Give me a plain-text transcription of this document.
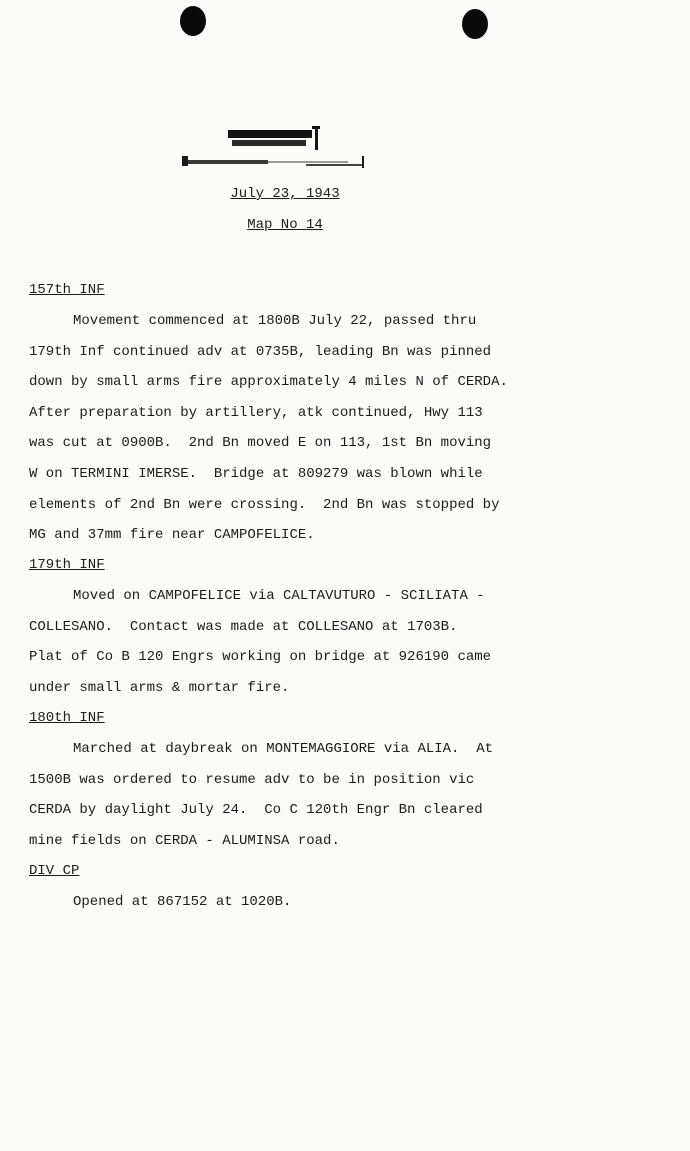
July 23, 1943
Map No 14
157th INF

Movement commenced at 1800B July 22, passed thru

179th Inf continued adv at 0735B, leading Bn was pinned

down by small arms fire approximately 4 miles N of CERDA.

After preparation by artillery, atk continued, Hwy 113

was cut at 0900B.  2nd Bn moved E on 113, 1st Bn moving

W on TERMINI IMERSE.  Bridge at 809279 was blown while

elements of 2nd Bn were crossing.  2nd Bn was stopped by

MG and 37mm fire near CAMPOFELICE.

179th INF

Moved on CAMPOFELICE via CALTAVUTURO - SCILIATA -

COLLESANO.  Contact was made at COLLESANO at 1703B.

Plat of Co B 120 Engrs working on bridge at 926190 came

under small arms & mortar fire.

180th INF

Marched at daybreak on MONTEMAGGIORE via ALIA.  At

1500B was ordered to resume adv to be in position vic

CERDA by daylight July 24.  Co C 120th Engr Bn cleared

mine fields on CERDA - ALUMINSA road.

DIV CP

Opened at 867152 at 1020B.
